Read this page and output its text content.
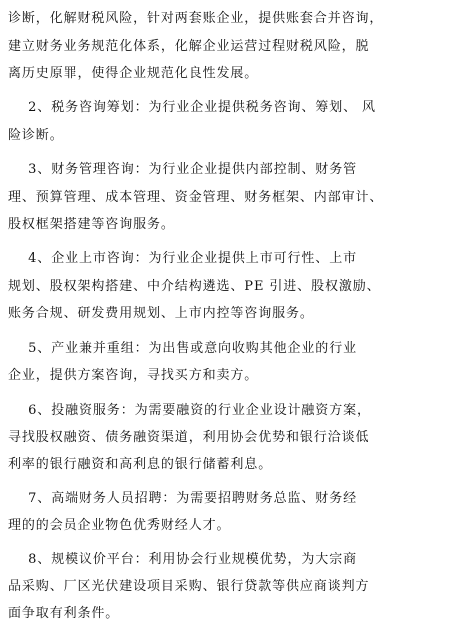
诊断，化解财税风险，针对两套账企业，提供账套合并咨询，
建立财务业务规范化体系，化解企业运营过程财税风险，脱
离历史原罪，使得企业规范化良性发展。
2、税务咨询筹划：为行业企业提供税务咨询、筹划、 风
险诊断。
3、财务管理咨询：为行业企业提供内部控制、财务管
理、预算管理、成本管理、资金管理、财务框架、内部审计、
股权框架搭建等咨询服务。
4、企业上市咨询：为行业企业提供上市可行性、上市
规划、股权架构搭建、中介结构遴选、PE 引进、股权激励、
账务合规、研发费用规划、上市内控等咨询服务。
5、产业兼并重组：为出售或意向收购其他企业的行业
企业，提供方案咨询，寻找买方和卖方。
6、投融资服务：为需要融资的行业企业设计融资方案，
寻找股权融资、债务融资渠道，利用协会优势和银行洽谈低
利率的银行融资和高利息的银行储蓄利息。
7、高端财务人员招聘：为需要招聘财务总监、财务经
理的的会员企业物色优秀财经人才。
8、规模议价平台：利用协会行业规模优势，为大宗商
品采购、厂区光伏建设项目采购、银行贷款等供应商谈判方
面争取有利条件。
